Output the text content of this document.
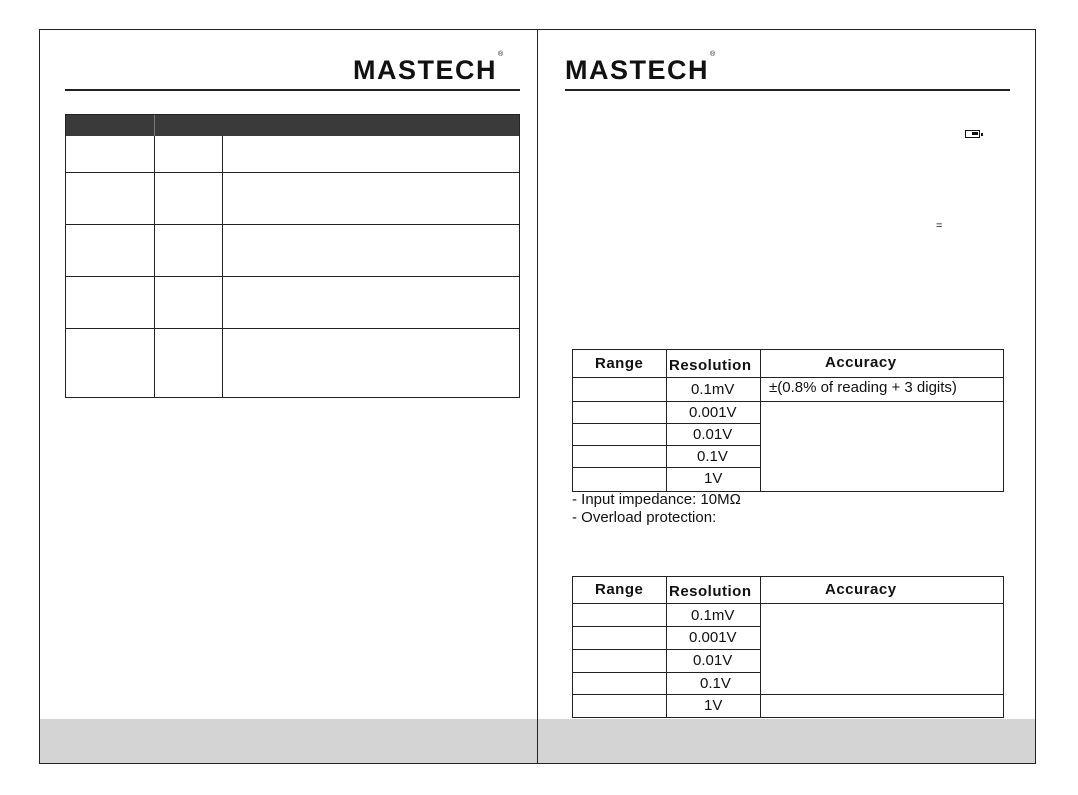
MASTECH®
MASTECH®
=
Range Resolution	Accuracy
0.1mV ±(0.8% of reading + 3 digits)
0.001V
0.01V
0.1V
1V
- Input impedance: 10MΩ
- Overload protection:
Range Resolution	Accuracy
0.1mV
0.001V
0.01V
0.1V
1V
